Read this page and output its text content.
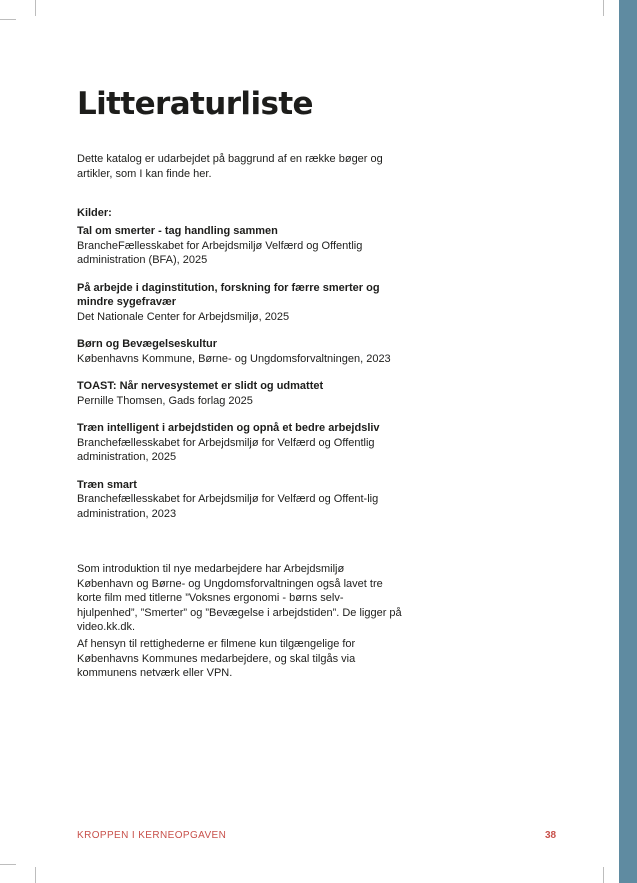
Litteraturliste

Dette katalog er udarbejdet på baggrund af en række bøger og artikler, som I kan finde her.

Kilder:

Tal om smerter - tag handling sammen
BrancheFællesskabet for Arbejdsmiljø Velfærd og Offentlig administration (BFA), 2025
På arbejde i daginstitution, forskning for færre smerter og mindre sygefravær
Det Nationale Center for Arbejdsmiljø, 2025
Børn og Bevægelseskultur
Københavns Kommune, Børne- og Ungdomsforvaltningen, 2023
TOAST: Når nervesystemet er slidt og udmattet
Pernille Thomsen, Gads forlag 2025
Træn intelligent i arbejdstiden og opnå et bedre arbejdsliv
Branchefællesskabet for Arbejdsmiljø for Velfærd og Offentlig administration, 2025
Træn smart
Branchefællesskabet for Arbejdsmiljø for Velfærd og Offent-lig administration, 2023

Som introduktion til nye medarbejdere har Arbejdsmiljø København og Børne- og Ungdomsforvaltningen også lavet tre korte film med titlerne ”Voksnes ergonomi - børns selv-hjulpenhed”, ”Smerter” og ”Bevægelse i arbejdstiden”. De ligger på video.kk.dk.

Af hensyn til rettighederne er filmene kun tilgængelige for Københavns Kommunes medarbejdere, og skal tilgås via kommunens netværk eller VPN.

KROPPEN I KERNEOPGAVEN	38
